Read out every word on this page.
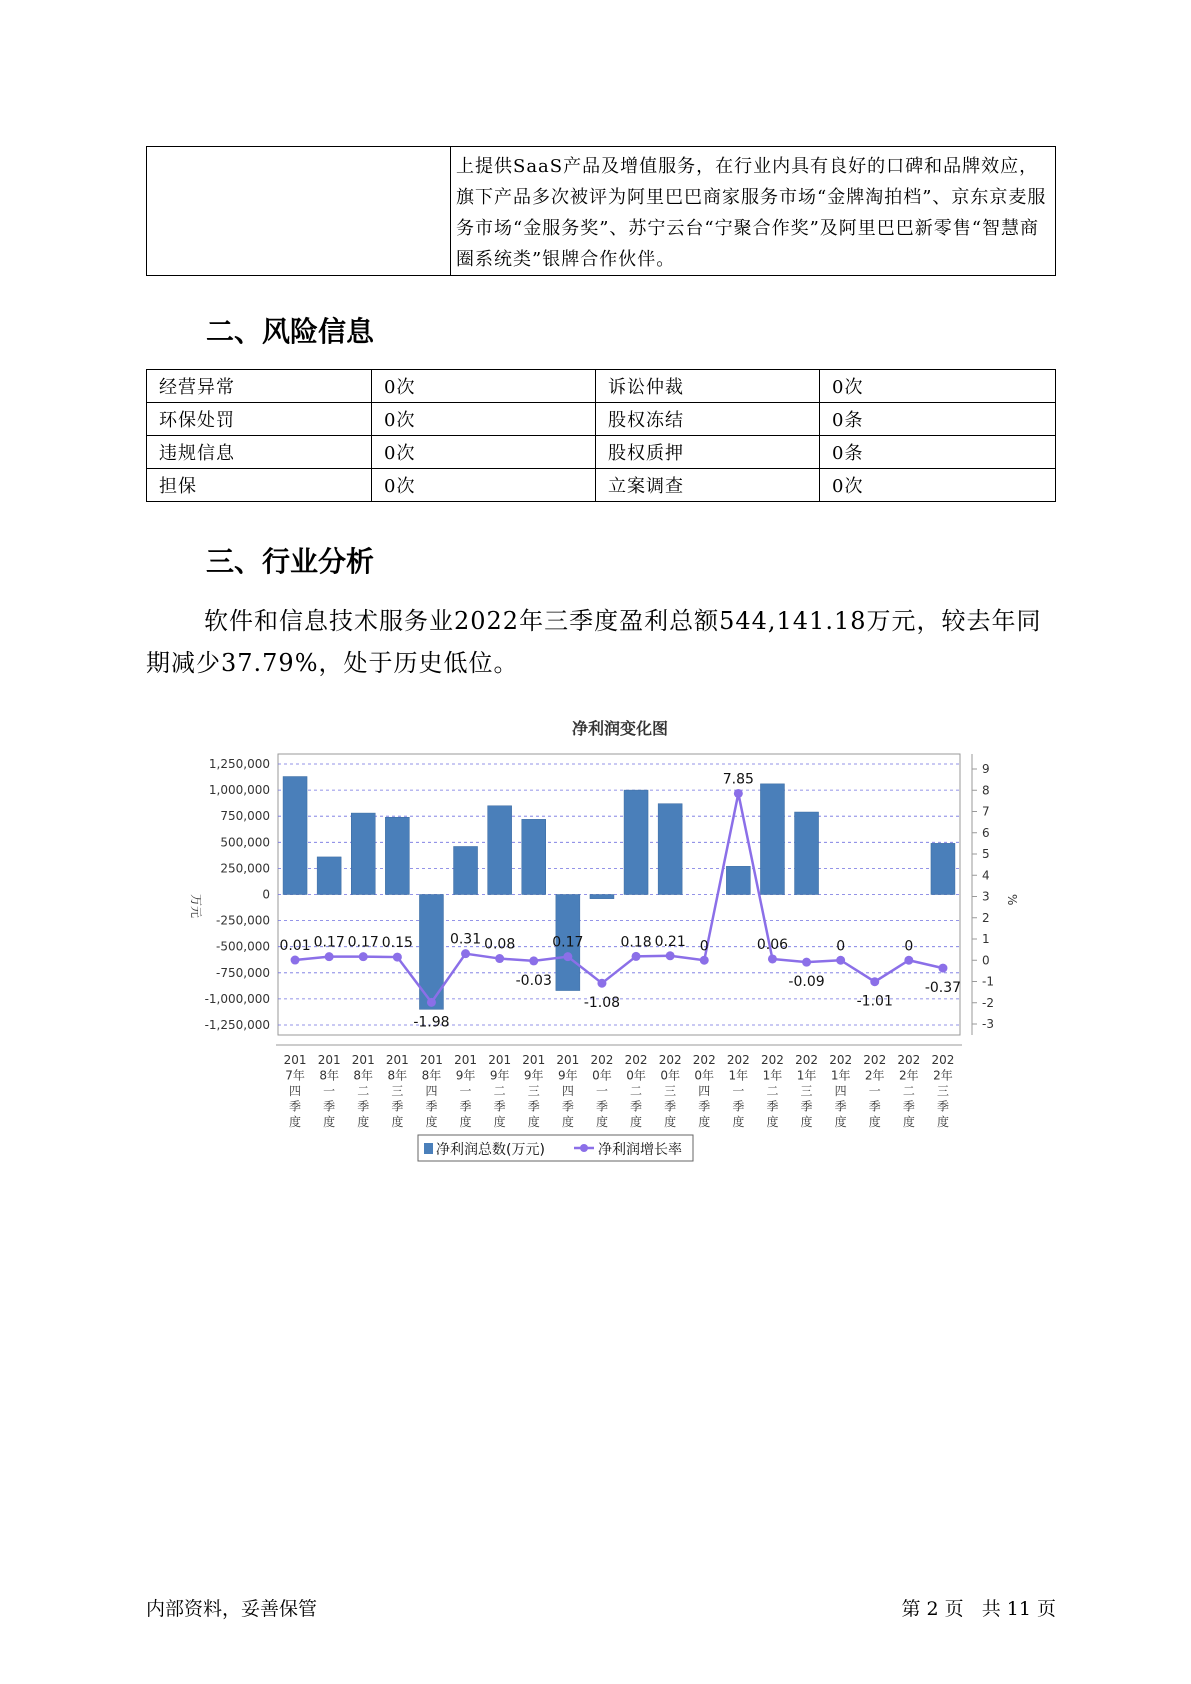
上提供SaaS产品及增值服务，在行业内具有良好的口碑和品牌效应，旗下产品多次被评为阿里巴巴商家服务市场“金牌淘拍档”、京东京麦服务市场“金服务奖”、苏宁云台“宁聚合作奖”及阿里巴巴新零售“智慧商圈系统类”银牌合作伙伴。
二、风险信息
经营异常	0次	诉讼仲裁	0次
环保处罚	0次	股权冻结	0条
违规信息	0次	股权质押	0条
担保	0次	立案调查	0次
三、行业分析
软件和信息技术服务业2022年三季度盈利总额544,141.18万元，较去年同期减少37.79%，处于历史低位。
净利润变化图
1,250,000
1,000,000
750,000
500,000
250,000
0
-250,000
-500,000
-750,000
-1,000,000
-1,250,000
9
8
7
6
5
4
3
2
1
0
-1
-2
-3
万元	%
0.01 0.17 0.17 0.15
-1.98
0.31 0.08
-0.03
0.17
-1.08
0.18 0.21 0
7.85
0.06
-0.09
0
-1.01
0
-0.37
201 7年四季度
201 8年一季度
201 8年二季度
201 8年三季度
201 8年四季度
201 9年一季度
201 9年二季度
201 9年三季度
201 9年四季度
202 0年一季度
202 0年二季度
202 0年三季度
202 0年四季度
202 1年一季度
202 1年二季度
202 1年三季度
202 1年四季度
202 2年一季度
202 2年二季度
202 2年三季度
净利润总数(万元)	净利润增长率
内部资料，妥善保管	第 2 页   共 11 页
